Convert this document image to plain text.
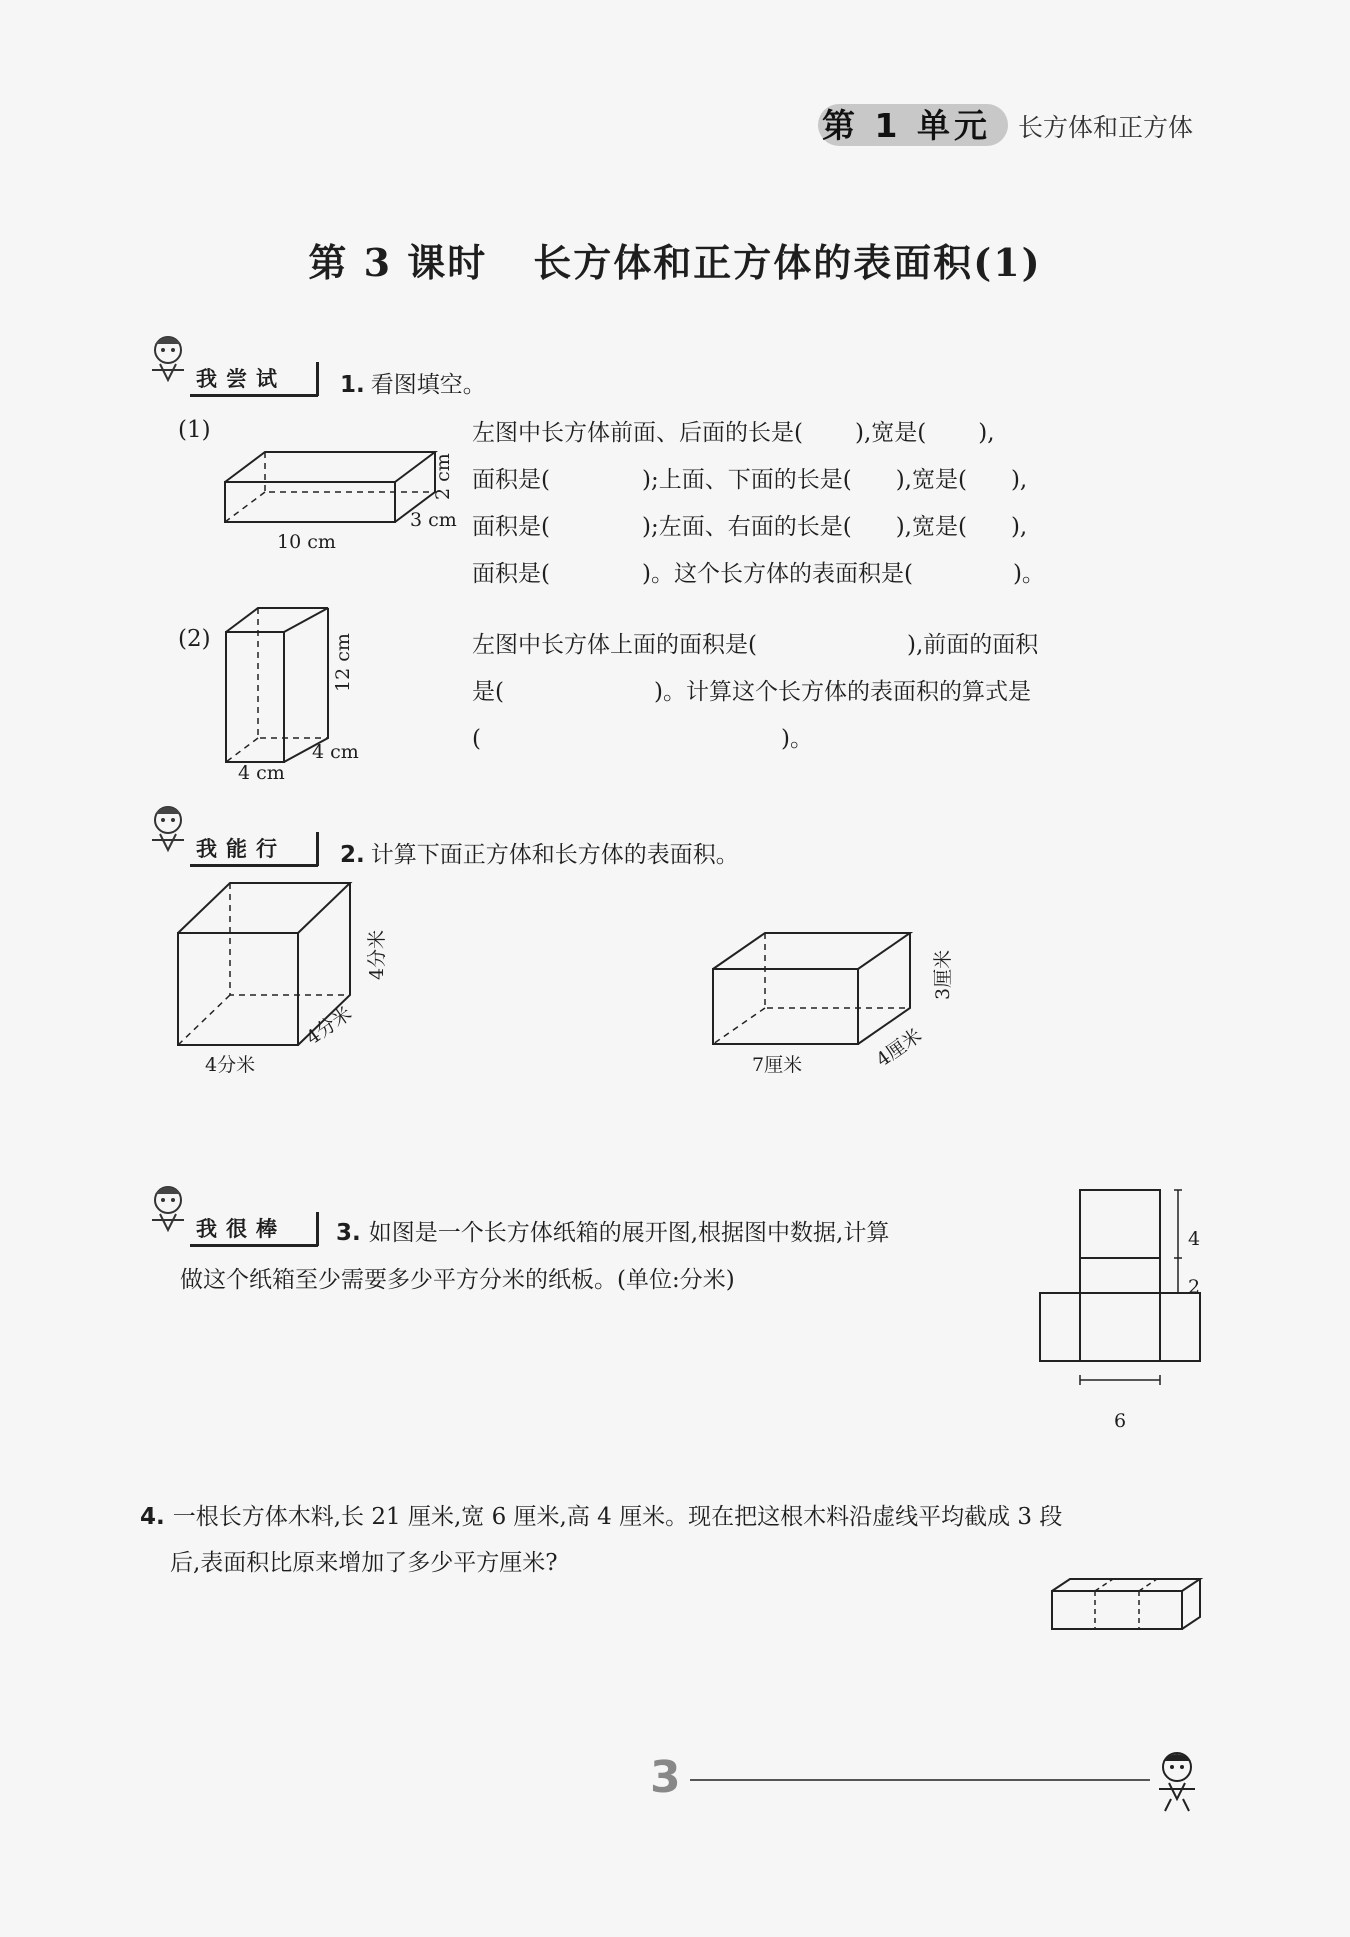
第 1 单元 长方体和正方体
第 3 课时 长方体和正方体的表面积(1)
我尝试 1. 看图填空。
(1)
10 cm
3 cm
2 cm
左图中长方体前面、后面的长是( ),宽是( ),
面积是(	);上面、下面的长是( ),宽是( ),
面积是(	);左面、右面的长是( ),宽是( ),
面积是(	)。这个长方体的表面积是(	)。
(2)
4 cm
4 cm
12 cm	左图中长方体上面的面积是(	),前面的面积
是(	)。计算这个长方体的表面积的算式是
(	)。
我能行 2. 计算下面正方体和长方体的表面积。
4分米
4分米
4分米
7厘米	4厘米
3厘米
我很棒 3. 如图是一个长方体纸箱的展开图,根据图中数据,计算
做这个纸箱至少需要多少平方分米的纸板。(单位:分米)
4
2
6
4. 一根长方体木料,长 21 厘米,宽 6 厘米,高 4 厘米。现在把这根木料沿虚线平均截成 3 段
后,表面积比原来增加了多少平方厘米?
3
